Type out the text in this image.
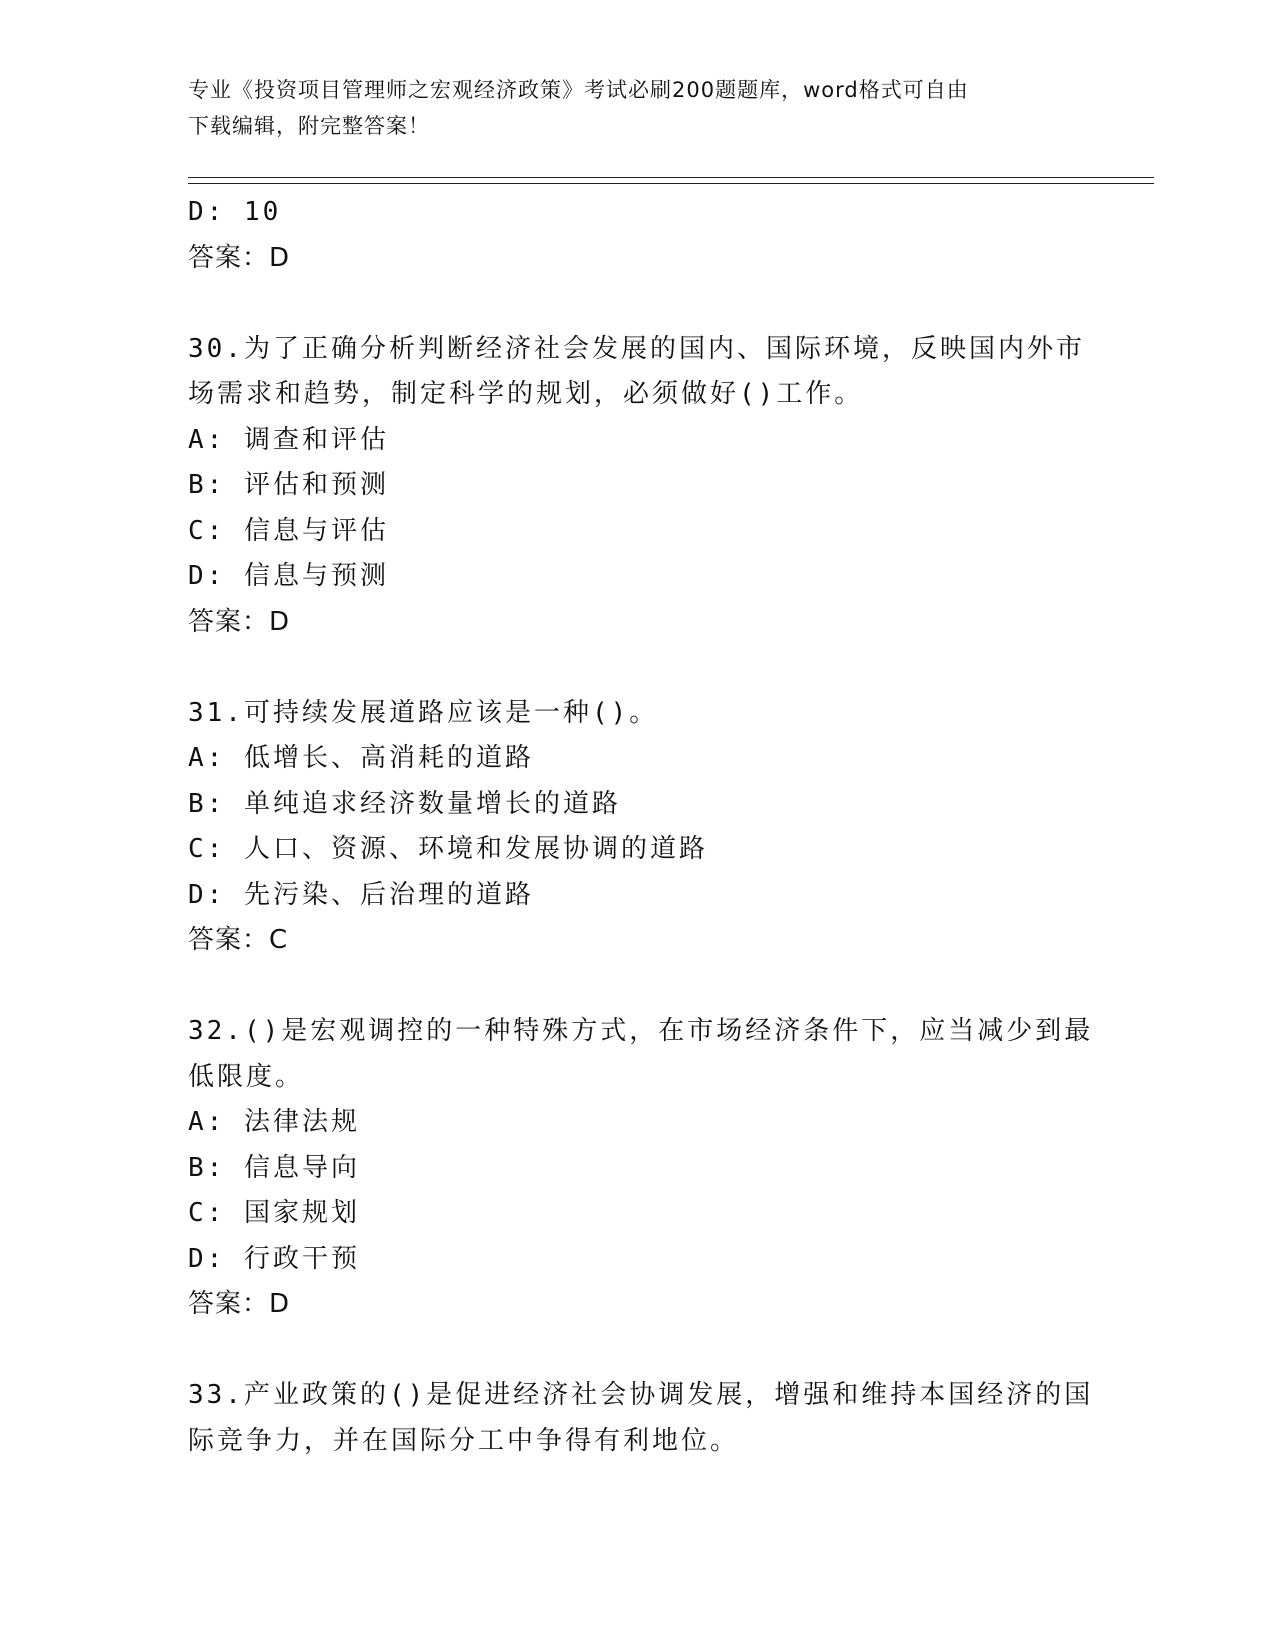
专业《投资项目管理师之宏观经济政策》考试必刷200题题库，word格式可自由
下载编辑，附完整答案！
D: 10
答案：D
30.为了正确分析判断经济社会发展的国内、国际环境，反映国内外市
场需求和趋势，制定科学的规划，必须做好()工作。
A: 调查和评估
B: 评估和预测
C: 信息与评估
D: 信息与预测
答案：D
31.可持续发展道路应该是一种()。
A: 低增长、高消耗的道路
B: 单纯追求经济数量增长的道路
C: 人口、资源、环境和发展协调的道路
D: 先污染、后治理的道路
答案：C
32.()是宏观调控的一种特殊方式，在市场经济条件下，应当减少到最
低限度。
A: 法律法规
B: 信息导向
C: 国家规划
D: 行政干预
答案：D
33.产业政策的()是促进经济社会协调发展，增强和维持本国经济的国
际竞争力，并在国际分工中争得有利地位。
